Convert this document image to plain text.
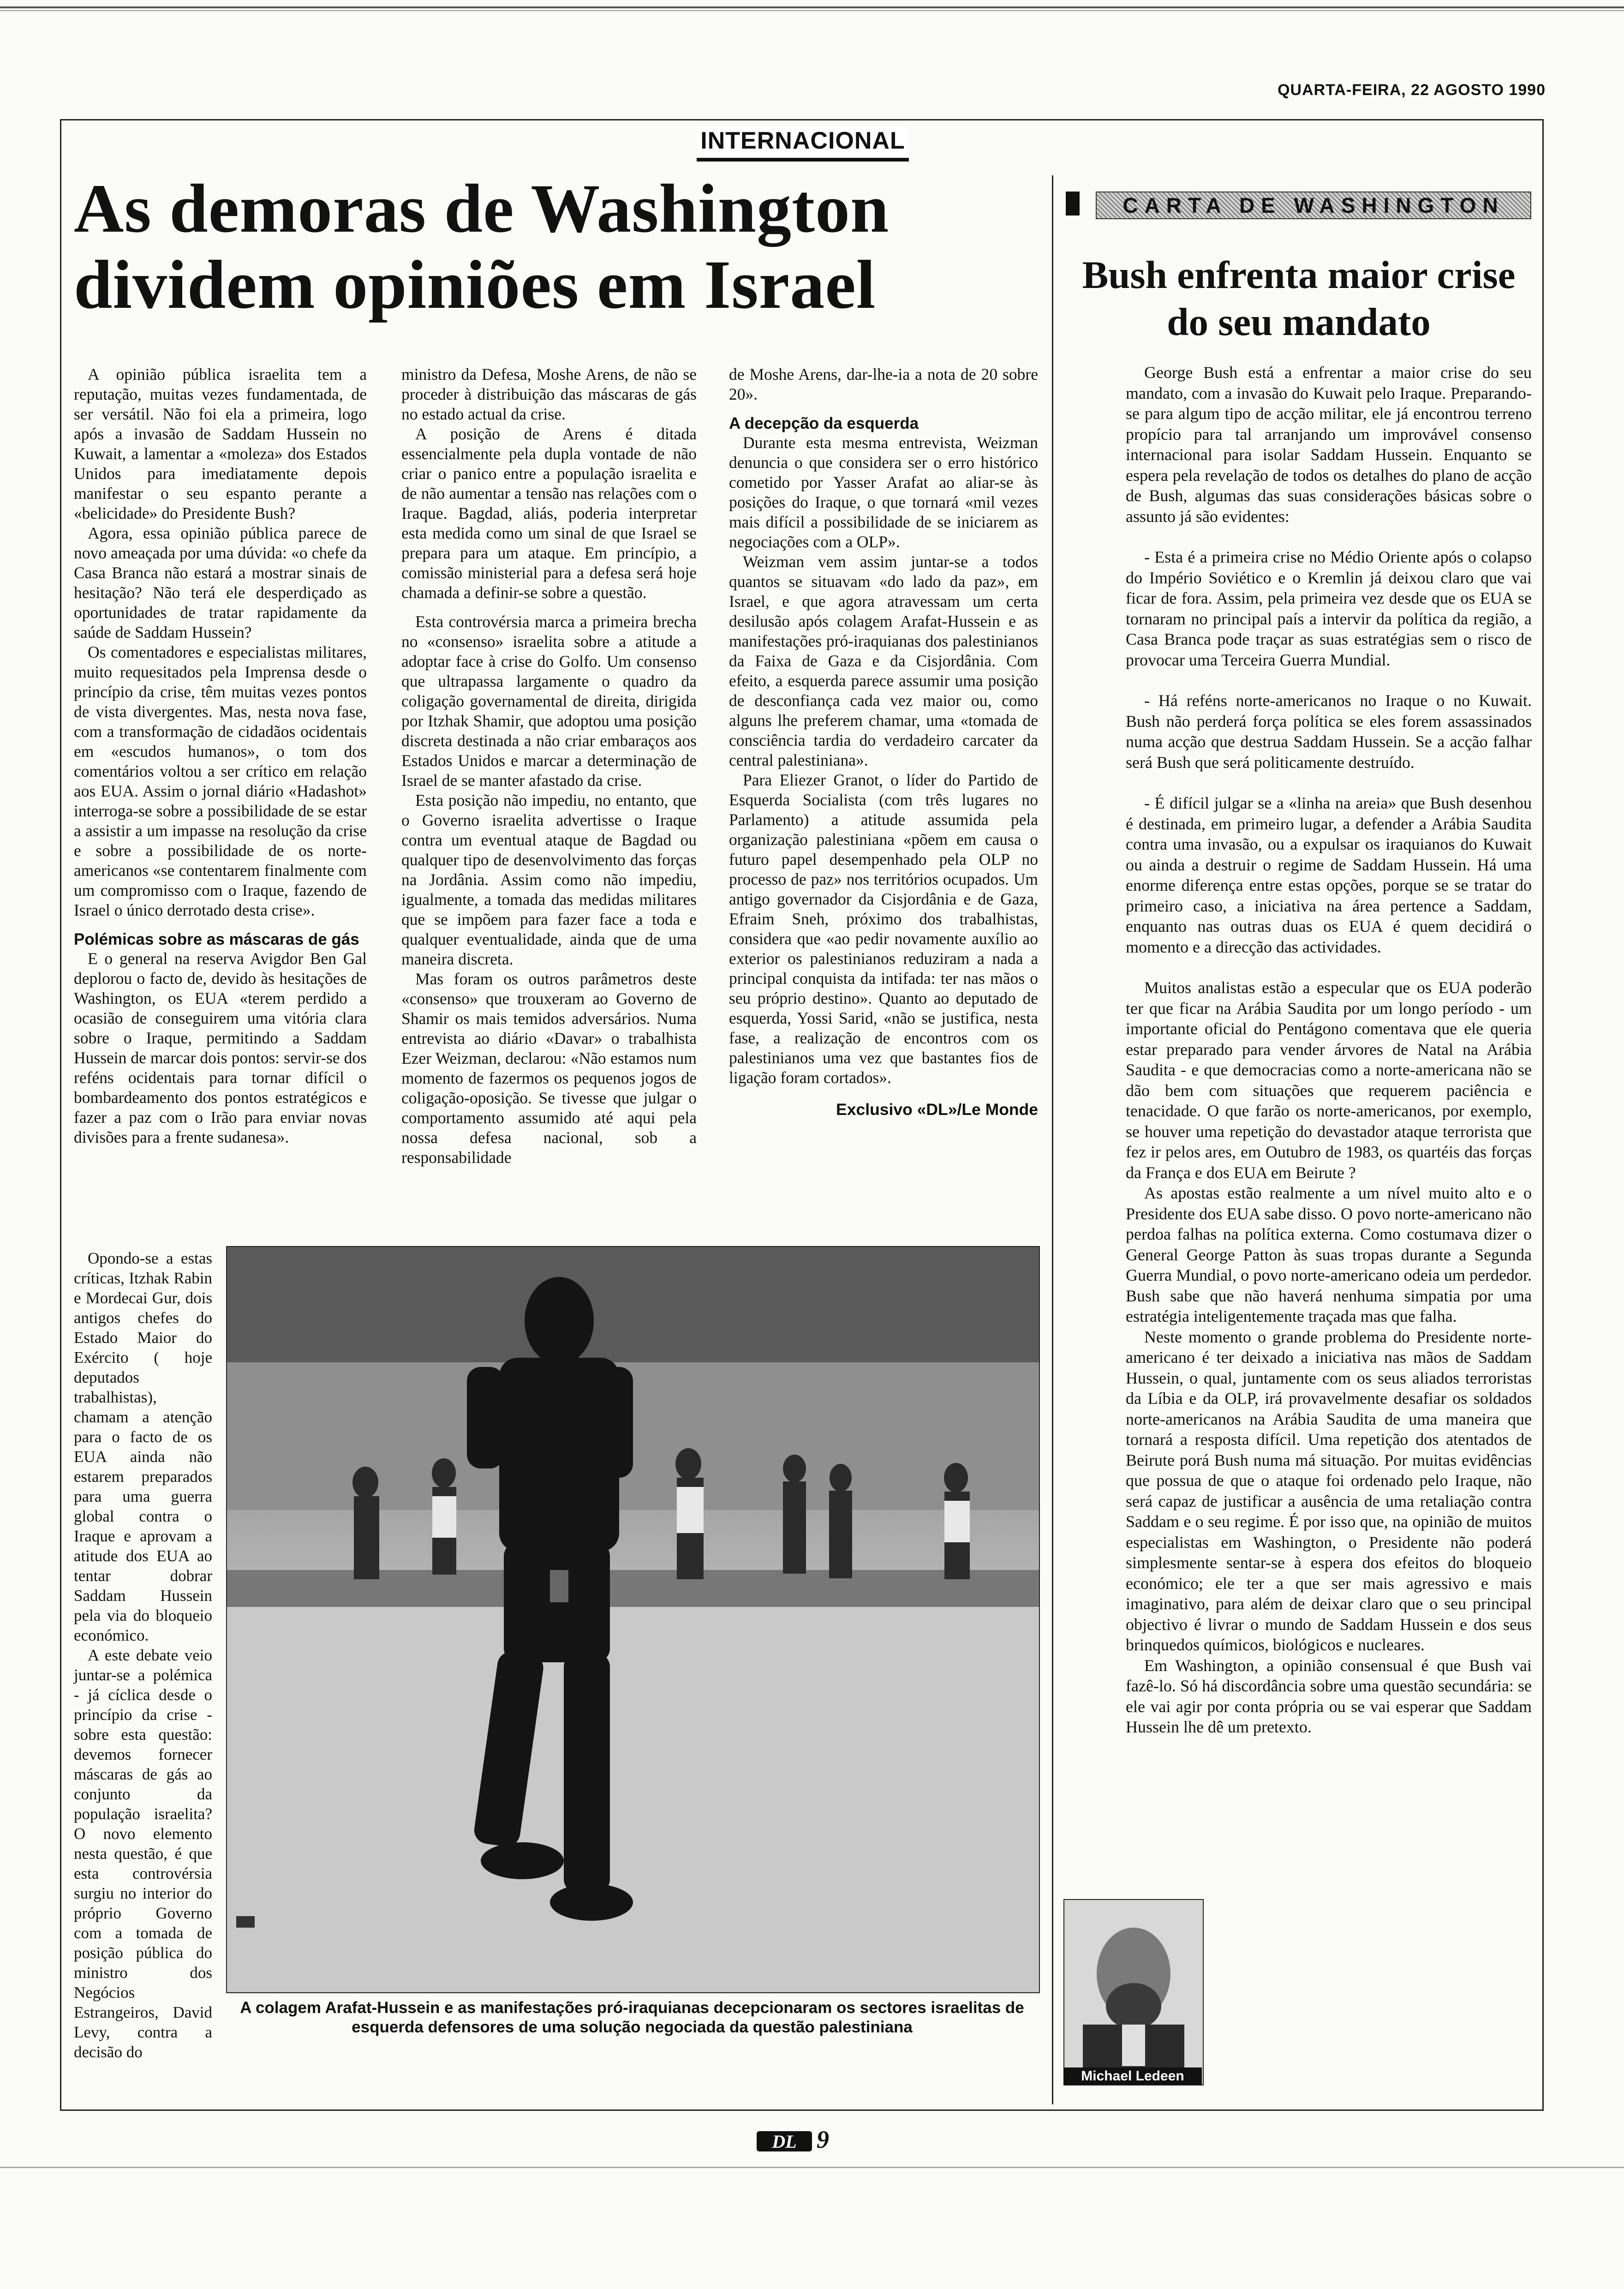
QUARTA-FEIRA, 22 AGOSTO 1990
INTERNACIONAL
As demoras de Washington dividem opiniões em Israel

A opinião pública israelita tem a reputação, muitas vezes fundamentada, de ser versátil. Não foi ela a primeira, logo após a invasão de Saddam Hussein no Kuwait, a lamentar a «moleza» dos Estados Unidos para imediatamente depois manifestar o seu espanto perante a «belicidade» do Presidente Bush?

Agora, essa opinião pública parece de novo ameaçada por uma dúvida: «o chefe da Casa Branca não estará a mostrar sinais de hesitação? Não terá ele desperdiçado as oportunidades de tratar rapidamente da saúde de Saddam Hussein?

Os comentadores e especialistas militares, muito requesitados pela Imprensa desde o princípio da crise, têm muitas vezes pontos de vista divergentes. Mas, nesta nova fase, com a transformação de cidadãos ocidentais em «escudos humanos», o tom dos comentários voltou a ser crítico em relação aos EUA. Assim o jornal diário «Hadashot» interroga-se sobre a possibilidade de se estar a assistir a um impasse na resolução da crise e sobre a possibilidade de os norte-americanos «se contentarem finalmente com um compromisso com o Iraque, fazendo de Israel o único derrotado desta crise».

Polémicas sobre as máscaras de gás

E o general na reserva Avigdor Ben Gal deplorou o facto de, devido às hesitações de Washington, os EUA «terem perdido a ocasião de conseguirem uma vitória clara sobre o Iraque, permitindo a Saddam Hussein de marcar dois pontos: servir-se dos reféns ocidentais para tornar difícil o bombardeamento dos pontos estratégicos e fazer a paz com o Irão para enviar novas divisões para a frente sudanesa».

Opondo-se a estas críticas, Itzhak Rabin e Mordecai Gur, dois antigos chefes do Estado Maior do Exército ( hoje deputados trabalhistas), chamam a atenção para o facto de os EUA ainda não estarem preparados para uma guerra global contra o Iraque e aprovam a atitude dos EUA ao tentar dobrar Saddam Hussein pela via do bloqueio económico.

A este debate veio juntar-se a polémica - já cíclica desde o princípio da crise - sobre esta questão: devemos fornecer máscaras de gás ao conjunto da população israelita? O novo elemento nesta questão, é que esta controvérsia surgiu no interior do próprio Governo com a tomada de posição pública do ministro dos Negócios Estrangeiros, David Levy, contra a decisão do

ministro da Defesa, Moshe Arens, de não se proceder à distribuição das máscaras de gás no estado actual da crise.

A posição de Arens é ditada essencialmente pela dupla vontade de não criar o panico entre a população israelita e de não aumentar a tensão nas relações com o Iraque. Bagdad, aliás, poderia interpretar esta medida como um sinal de que Israel se prepara para um ataque. Em princípio, a comissão ministerial para a defesa será hoje chamada a definir-se sobre a questão.

Esta controvérsia marca a primeira brecha no «consenso» israelita sobre a atitude a adoptar face à crise do Golfo. Um consenso que ultrapassa largamente o quadro da coligação governamental de direita, dirigida por Itzhak Shamir, que adoptou uma posição discreta destinada a não criar embaraços aos Estados Unidos e marcar a determinação de Israel de se manter afastado da crise.

Esta posição não impediu, no entanto, que o Governo israelita advertisse o Iraque contra um eventual ataque de Bagdad ou qualquer tipo de desenvolvimento das forças na Jordânia. Assim como não impediu, igualmente, a tomada das medidas militares que se impõem para fazer face a toda e qualquer eventualidade, ainda que de uma maneira discreta.

Mas foram os outros parâmetros deste «consenso» que trouxeram ao Governo de Shamir os mais temidos adversários. Numa entrevista ao diário «Davar» o trabalhista Ezer Weizman, declarou: «Não estamos num momento de fazermos os pequenos jogos de coligação-oposição. Se tivesse que julgar o comportamento assumido até aqui pela nossa defesa nacional, sob a responsabilidade

de Moshe Arens, dar-lhe-ia a nota de 20 sobre 20».

A decepção da esquerda

Durante esta mesma entrevista, Weizman denuncia o que considera ser o erro histórico cometido por Yasser Arafat ao aliar-se às posições do Iraque, o que tornará «mil vezes mais difícil a possibilidade de se iniciarem as negociações com a OLP».

Weizman vem assim juntar-se a todos quantos se situavam «do lado da paz», em Israel, e que agora atravessam um certa desilusão após colagem Arafat-Hussein e as manifestações pró-iraquianas dos palestinianos da Faixa de Gaza e da Cisjordânia. Com efeito, a esquerda parece assumir uma posição de desconfiança cada vez maior ou, como alguns lhe preferem chamar, uma «tomada de consciência tardia do verdadeiro carcater da central palestiniana».

Para Eliezer Granot, o líder do Partido de Esquerda Socialista (com três lugares no Parlamento) a atitude assumida pela organização palestiniana «põem em causa o futuro papel desempenhado pela OLP no processo de paz» nos territórios ocupados. Um antigo governador da Cisjordânia e de Gaza, Efraim Sneh, próximo dos trabalhistas, considera que «ao pedir novamente auxílio ao exterior os palestinianos reduziram a nada a principal conquista da intifada: ter nas mãos o seu próprio destino». Quanto ao deputado de esquerda, Yossi Sarid, «não se justifica, nesta fase, a realização de encontros com os palestinianos uma vez que bastantes fios de ligação foram cortados».

Exclusivo «DL»/Le Monde

A colagem Arafat-Hussein e as manifestações pró-iraquianas decepcionaram os sectores israelitas de esquerda defensores de uma solução negociada da questão palestiniana
CARTA DE WASHINGTON
Bush enfrenta maior crise do seu mandato

George Bush está a enfrentar a maior crise do seu mandato, com a invasão do Kuwait pelo Iraque. Preparando-se para algum tipo de acção militar, ele já encontrou terreno propício para tal arranjando um improvável consenso internacional para isolar Saddam Hussein. Enquanto se espera pela revelação de todos os detalhes do plano de acção de Bush, algumas das suas considerações básicas sobre o assunto já são evidentes:

- Esta é a primeira crise no Médio Oriente após o colapso do Império Soviético e o Kremlin já deixou claro que vai ficar de fora. Assim, pela primeira vez desde que os EUA se tornaram no principal país a intervir da política da região, a Casa Branca pode traçar as suas estratégias sem o risco de provocar uma Terceira Guerra Mundial.

- Há reféns norte-americanos no Iraque o no Kuwait. Bush não perderá força política se eles forem assassinados numa acção que destrua Saddam Hussein. Se a acção falhar será Bush que será politicamente destruído.

- É difícil julgar se a «linha na areia» que Bush desenhou é destinada, em primeiro lugar, a defender a Arábia Saudita contra uma invasão, ou a expulsar os iraquianos do Kuwait ou ainda a destruir o regime de Saddam Hussein. Há uma enorme diferença entre estas opções, porque se se tratar do primeiro caso, a iniciativa na área pertence a Saddam, enquanto nas outras duas os EUA é quem decidirá o momento e a direcção das actividades.

Muitos analistas estão a especular que os EUA poderão ter que ficar na Arábia Saudita por um longo período - um importante oficial do Pentágono comentava que ele queria estar preparado para vender árvores de Natal na Arábia Saudita - e que democracias como a norte-americana não se dão bem com situações que requerem paciência e tenacidade. O que farão os norte-americanos, por exemplo, se houver uma repetição do devastador ataque terrorista que fez ir pelos ares, em Outubro de 1983, os quartéis das forças da França e dos EUA em Beirute ?

As apostas estão realmente a um nível muito alto e o Presidente dos EUA sabe disso. O povo norte-americano não perdoa falhas na política externa. Como costumava dizer o General George Patton às suas tropas durante a Segunda Guerra Mundial, o povo norte-americano odeia um perdedor. Bush sabe que não haverá nenhuma simpatia por uma estratégia inteligentemente traçada mas que falha.

Neste momento o grande problema do Presidente norte-americano é ter deixado a iniciativa nas mãos de Saddam Hussein, o qual, juntamente com os seus aliados terroristas da Líbia e da OLP, irá provavelmente desafiar os soldados norte-americanos na Arábia Saudita de uma maneira que tornará a resposta difícil. Uma repetição dos atentados de Beirute porá Bush numa má situação. Por muitas evidências que possua de que o ataque foi ordenado pelo Iraque, não será capaz de justificar a ausência de uma retaliação contra Saddam e o seu regime. É por isso que, na opinião de muitos especialistas em Washington, o Presidente não poderá simplesmente sentar-se à espera dos efeitos do bloqueio económico; ele ter a que ser mais agressivo e mais imaginativo, para além de deixar claro que o seu principal objectivo é livrar o mundo de Saddam Hussein e dos seus brinquedos químicos, biológicos e nucleares.

Em Washington, a opinião consensual é que Bush vai fazê-lo. Só há discordância sobre uma questão secundária: se ele vai agir por conta própria ou se vai esperar que Saddam Hussein lhe dê um pretexto.

Michael Ledeen
DL 9
